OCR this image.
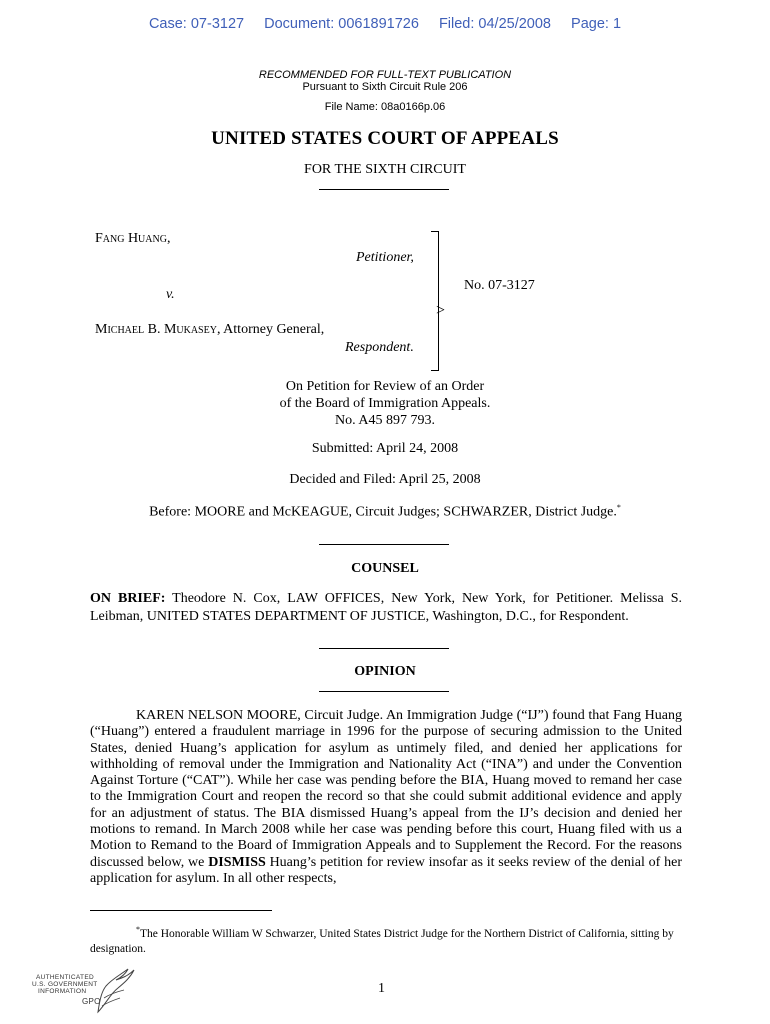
Case: 07-3127 Document: 0061891726 Filed: 04/25/2008 Page: 1
RECOMMENDED FOR FULL-TEXT PUBLICATION
Pursuant to Sixth Circuit Rule 206
File Name: 08a0166p.06
UNITED STATES COURT OF APPEALS
FOR THE SIXTH CIRCUIT
Fang Huang,
Petitioner,
v.
Michael B. Mukasey, Attorney General,
Respondent.
>
No. 07-3127
On Petition for Review of an Order
of the Board of Immigration Appeals.
No. A45 897 793.
Submitted: April 24, 2008
Decided and Filed: April 25, 2008
Before: MOORE and McKEAGUE, Circuit Judges; SCHWARZER, District Judge.*
COUNSEL
ON BRIEF: Theodore N. Cox, LAW OFFICES, New York, New York, for Petitioner. Melissa S. Leibman, UNITED STATES DEPARTMENT OF JUSTICE, Washington, D.C., for Respondent.
OPINION
KAREN NELSON MOORE, Circuit Judge. An Immigration Judge (“IJ”) found that Fang Huang (“Huang”) entered a fraudulent marriage in 1996 for the purpose of securing admission to the United States, denied Huang’s application for asylum as untimely filed, and denied her applications for withholding of removal under the Immigration and Nationality Act (“INA”) and under the Convention Against Torture (“CAT”). While her case was pending before the BIA, Huang moved to remand her case to the Immigration Court and reopen the record so that she could submit additional evidence and apply for an adjustment of status. The BIA dismissed Huang’s appeal from the IJ’s decision and denied her motions to remand. In March 2008 while her case was pending before this court, Huang filed with us a Motion to Remand to the Board of Immigration Appeals and to Supplement the Record. For the reasons discussed below, we DISMISS Huang’s petition for review insofar as it seeks review of the denial of her application for asylum. In all other respects,
*The Honorable William W Schwarzer, United States District Judge for the Northern District of California, sitting by designation.
1
AUTHENTICATED
U.S. GOVERNMENT
INFORMATION
GPO
